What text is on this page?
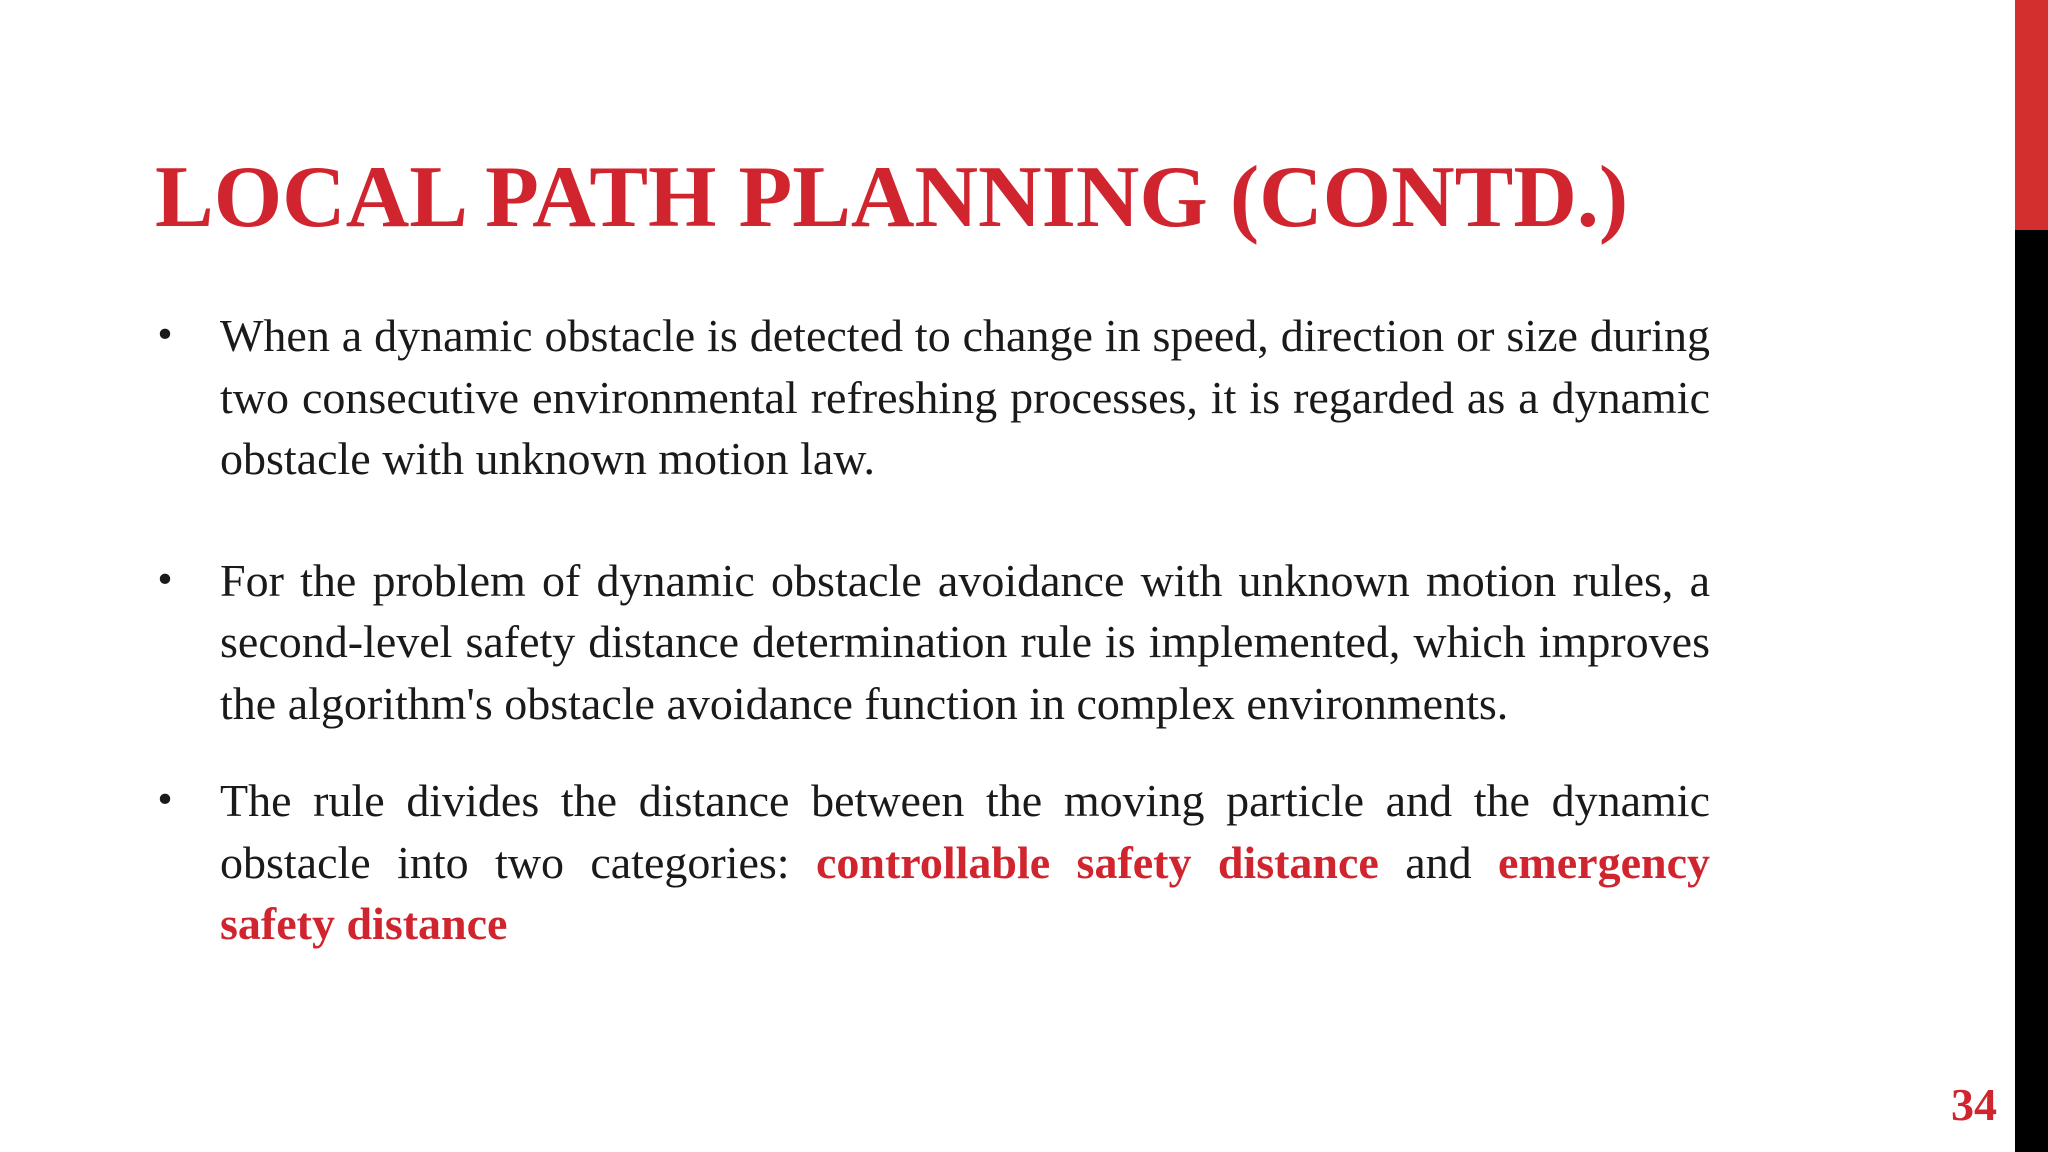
LOCAL PATH PLANNING (CONTD.)
• When a dynamic obstacle is detected to change in speed, direction or size during two consecutive environmental refreshing processes, it is regarded as a dynamic obstacle with unknown motion law.
• For the problem of dynamic obstacle avoidance with unknown motion rules, a second-level safety distance determination rule is implemented, which improves the algorithm's obstacle avoidance function in complex environments.
• The rule divides the distance between the moving particle and the dynamic obstacle into two categories: controllable safety distance and emergency safety distance
34
